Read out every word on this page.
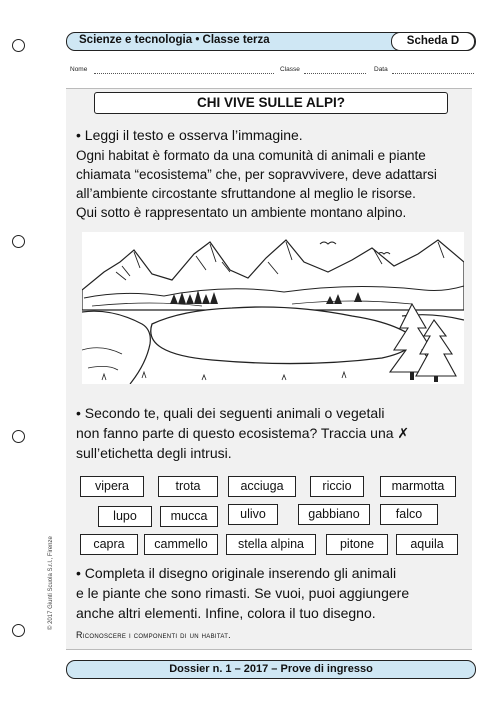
Scienze e tecnologia • Classe terza	Scheda D
Nome	Classe	Data
CHI VIVE SULLE ALPI?
• Leggi il testo e osserva l’immagine.
Ogni habitat è formato da una comunità di animali e piante
chiamata “ecosistema” che, per sopravvivere, deve adattarsi
all’ambiente circostante sfruttandone al meglio le risorse.
Qui sotto è rappresentato un ambiente montano alpino.
• Secondo te, quali dei seguenti animali o vegetali
non fanno parte di questo ecosistema? Traccia una ✗
sull’etichetta degli intrusi.
vipera	trota	acciuga	riccio	marmotta
lupo	mucca	ulivo	gabbiano	falco
capra	cammello	stella alpina	pitone	aquila
• Completa il disegno originale inserendo gli animali
e le piante che sono rimasti. Se vuoi, puoi aggiungere
anche altri elementi. Infine, colora il tuo disegno.
Riconoscere i componenti di un habitat.
© 2017 Giunti Scuola S.r.l., Firenze
Dossier n. 1 – 2017 – Prove di ingresso
